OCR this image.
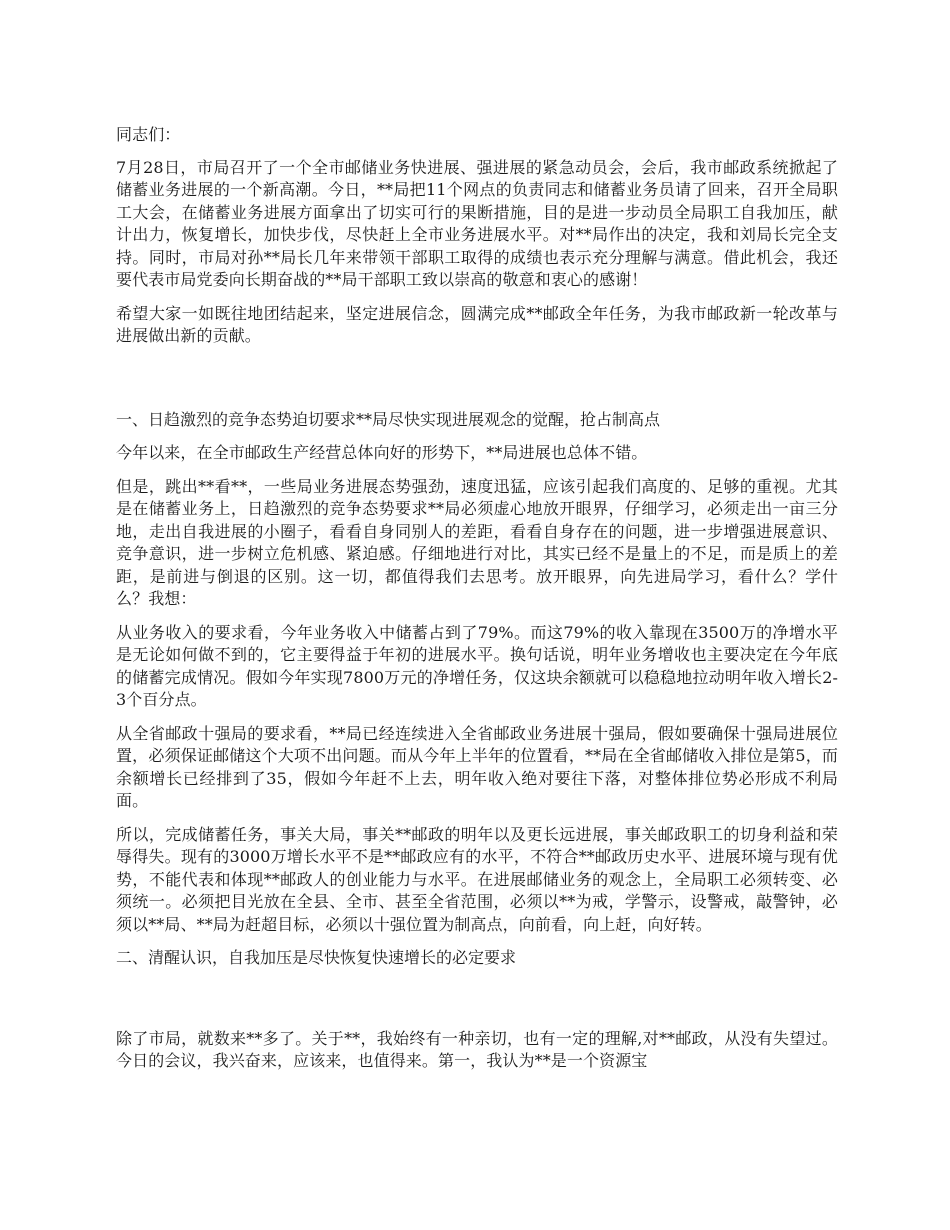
同志们：

7月28日，市局召开了一个全市邮储业务快进展、强进展的紧急动员会，会后，我市邮政系统掀起了储蓄业务进展的一个新高潮。今日，**局把11个网点的负责同志和储蓄业务员请了回来，召开全局职工大会，在储蓄业务进展方面拿出了切实可行的果断措施，目的是进一步动员全局职工自我加压，献计出力，恢复增长，加快步伐，尽快赶上全市业务进展水平。对**局作出的决定，我和刘局长完全支持。同时，市局对孙**局长几年来带领干部职工取得的成绩也表示充分理解与满意。借此机会，我还要代表市局党委向长期奋战的**局干部职工致以崇高的敬意和衷心的感谢！

希望大家一如既往地团结起来，坚定进展信念，圆满完成**邮政全年任务，为我市邮政新一轮改革与进展做出新的贡献。

一、日趋激烈的竞争态势迫切要求**局尽快实现进展观念的觉醒，抢占制高点

今年以来，在全市邮政生产经营总体向好的形势下，**局进展也总体不错。

但是，跳出**看**，一些局业务进展态势强劲，速度迅猛，应该引起我们高度的、足够的重视。尤其是在储蓄业务上，日趋激烈的竞争态势要求**局必须虚心地放开眼界，仔细学习，必须走出一亩三分地，走出自我进展的小圈子，看看自身同别人的差距，看看自身存在的问题，进一步增强进展意识、竞争意识，进一步树立危机感、紧迫感。仔细地进行对比，其实已经不是量上的不足，而是质上的差距，是前进与倒退的区别。这一切，都值得我们去思考。放开眼界，向先进局学习，看什么？学什么？我想：

从业务收入的要求看，今年业务收入中储蓄占到了79%。而这79%的收入靠现在3500万的净增水平是无论如何做不到的，它主要得益于年初的进展水平。换句话说，明年业务增收也主要决定在今年底的储蓄完成情况。假如今年实现7800万元的净增任务，仅这块余额就可以稳稳地拉动明年收入增长2-3个百分点。

从全省邮政十强局的要求看，**局已经连续进入全省邮政业务进展十强局，假如要确保十强局进展位置，必须保证邮储这个大项不出问题。而从今年上半年的位置看，**局在全省邮储收入排位是第5，而余额增长已经排到了35，假如今年赶不上去，明年收入绝对要往下落，对整体排位势必形成不利局面。

所以，完成储蓄任务，事关大局，事关**邮政的明年以及更长远进展，事关邮政职工的切身利益和荣辱得失。现有的3000万增长水平不是**邮政应有的水平，不符合**邮政历史水平、进展环境与现有优势，不能代表和体现**邮政人的创业能力与水平。在进展邮储业务的观念上，全局职工必须转变、必须统一。必须把目光放在全县、全市、甚至全省范围，必须以**为戒，学警示，设警戒，敲警钟，必须以**局、**局为赶超目标，必须以十强位置为制高点，向前看，向上赶，向好转。

二、清醒认识，自我加压是尽快恢复快速增长的必定要求

除了市局，就数来**多了。关于**，我始终有一种亲切，也有一定的理解,对**邮政，从没有失望过。今日的会议，我兴奋来，应该来，也值得来。第一，我认为**是一个资源宝
